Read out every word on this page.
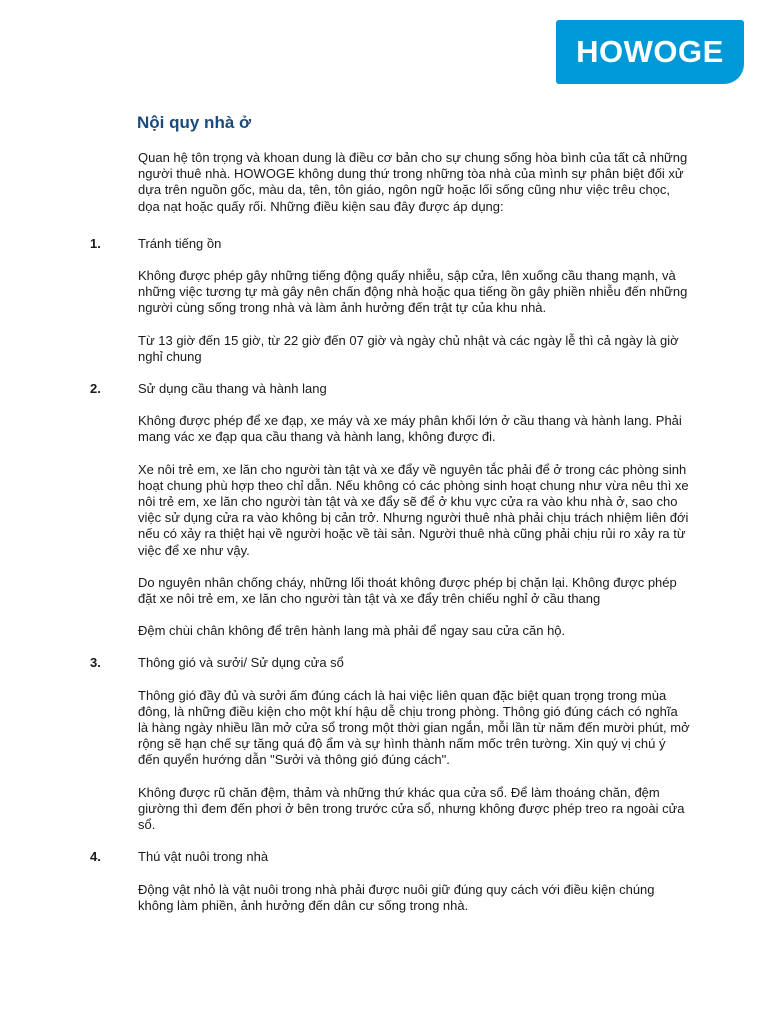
HOWOGE
Nội quy nhà ở

Quan hệ tôn trọng và khoan dung là điều cơ bản cho sự chung sống hòa bình của tất cả những người thuê nhà. HOWOGE không dung thứ trong những tòa nhà của mình sự phân biệt đối xử dựa trên nguồn gốc, màu da, tên, tôn giáo, ngôn ngữ hoặc lối sống cũng như việc trêu chọc, dọa nạt hoặc quấy rối. Những điều kiện sau đây được áp dụng:

1.	Tránh tiếng ồn

Không được phép gây những tiếng động quấy nhiễu, sập cửa, lên xuống cầu thang mạnh, và những việc tương tự mà gây nên chấn động nhà hoặc qua tiếng ồn gây phiền nhiễu đến những người cùng sống trong nhà và làm ảnh hưởng đến trật tự của khu nhà.

Từ 13 giờ đến 15 giờ, từ 22 giờ đến 07 giờ và ngày chủ nhật và các ngày lễ thì cả ngày là giờ nghỉ chung

2.	Sử dụng cầu thang và hành lang

Không được phép để xe đạp, xe máy và xe máy phân khối lớn ở cầu thang và hành lang. Phải mang vác xe đạp qua cầu thang và hành lang, không được đi.

Xe nôi trẻ em, xe lăn cho người tàn tật và xe đẩy về nguyên tắc phải để ở trong các phòng sinh hoạt chung phù hợp theo chỉ dẫn. Nếu không có các phòng sinh hoạt chung như vừa nêu thì xe nôi trẻ em, xe lăn cho người tàn tật và xe đẩy sẽ để ở khu vực cửa ra vào khu nhà ở, sao cho việc sử dụng cửa ra vào không bị cản trở. Nhưng người thuê nhà phải chịu trách nhiệm liên đới nếu có xảy ra thiệt hại về người hoặc về tài sản. Người thuê nhà cũng phải chịu rủi ro xảy ra từ việc để xe như vậy.

Do nguyên nhân chống cháy, những lối thoát không được phép bị chặn lại. Không được phép đặt xe nôi trẻ em, xe lăn cho người tàn tật và xe đẩy trên chiếu nghỉ ở cầu thang

Đệm chùi chân không để trên hành lang mà phải để ngay sau cửa căn hộ.

3.	Thông gió và sưởi/ Sử dụng cửa sổ

Thông gió đầy đủ và sưởi ấm đúng cách là hai việc liên quan đặc biệt quan trọng trong mùa đông, là những điều kiện cho một khí hậu dễ chịu trong phòng. Thông gió đúng cách có nghĩa là hàng ngày nhiều lần mở cửa sổ trong một thời gian ngắn, mỗi lần từ năm đến mười phút, mở rộng sẽ hạn chế sự tăng quá độ ẩm và sự hình thành nấm mốc trên tường. Xin quý vị chú ý đến quyển hướng dẫn "Sưởi và thông gió đúng cách".

Không được rũ chăn đệm, thảm và những thứ khác qua cửa sổ. Để làm thoáng chăn, đệm giường thì đem đến phơi ở bên trong trước cửa sổ, nhưng không được phép treo ra ngoài cửa sổ.

4.	Thú vật nuôi trong nhà

Động vật nhỏ là vật nuôi trong nhà phải được nuôi giữ đúng quy cách với điều kiện chúng không làm phiền, ảnh hưởng đến dân cư sống trong nhà.
